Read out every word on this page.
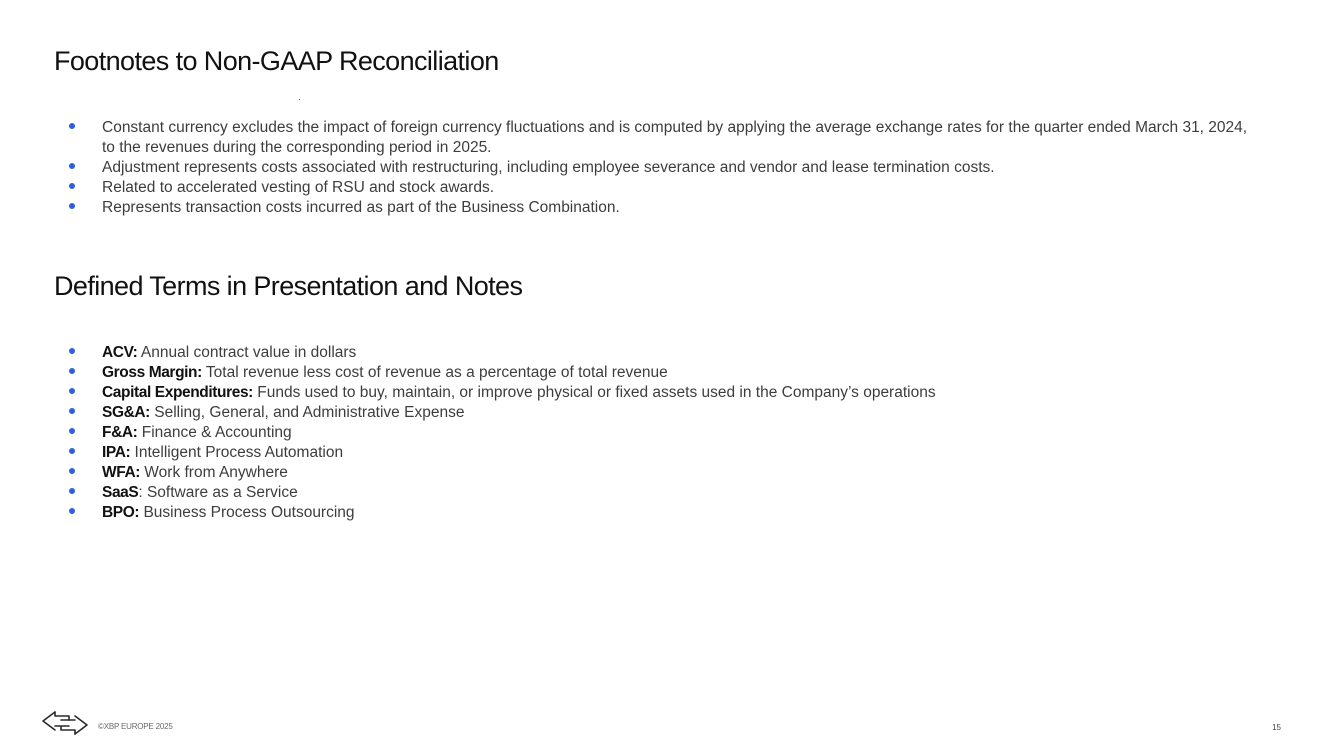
Footnotes to Non-GAAP Reconciliation
Constant currency excludes the impact of foreign currency fluctuations and is computed by applying the average exchange rates for the quarter ended March 31, 2024, to the revenues during the corresponding period in 2025.
Adjustment represents costs associated with restructuring, including employee severance and vendor and lease termination costs.
Related to accelerated vesting of RSU and stock awards.
Represents transaction costs incurred as part of the Business Combination.
Defined Terms in Presentation and Notes
ACV: Annual contract value in dollars
Gross Margin: Total revenue less cost of revenue as a percentage of total revenue
Capital Expenditures: Funds used to buy, maintain, or improve physical or fixed assets used in the Company’s operations
SG&A: Selling, General, and Administrative Expense
F&A: Finance & Accounting
IPA: Intelligent Process Automation
WFA: Work from Anywhere
SaaS: Software as a Service
BPO: Business Process Outsourcing
©XBP EUROPE 2025	15
